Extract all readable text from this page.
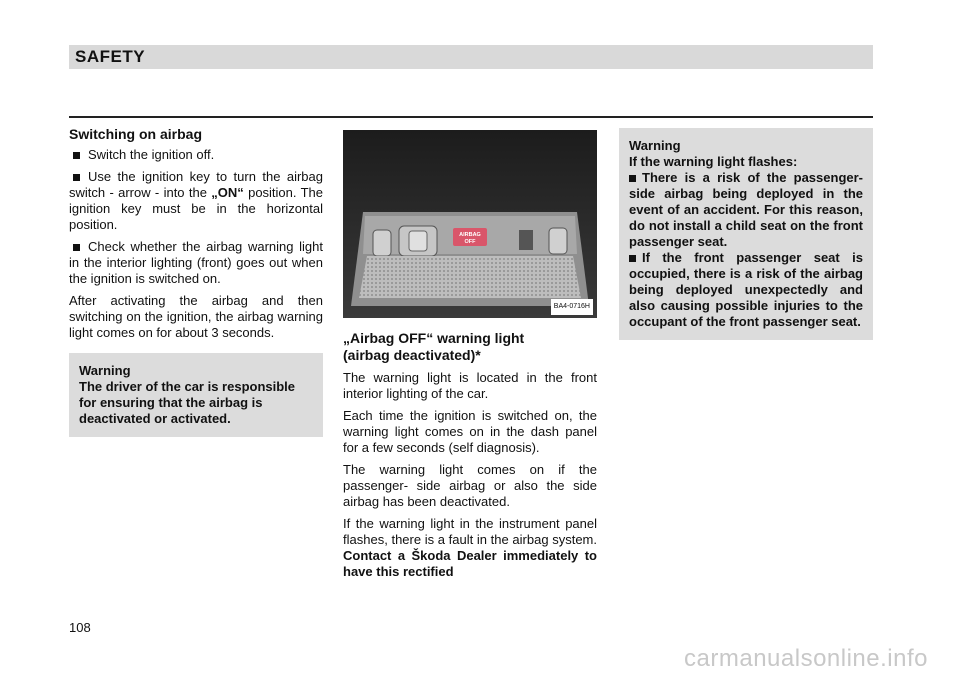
SAFETY
Switching on airbag

Switch the ignition off.

Use the ignition key to turn the airbag switch - arrow - into the „ON“ position. The ignition key must be in the horizontal position.

Check whether the airbag warning light in the interior lighting (front) goes out when the ignition is switched on.

After activating the airbag and then switching on the ignition, the airbag warning light comes on for about 3 seconds.

Warning

The driver of the car is responsible for ensuring that the airbag is deactivated or activated.

AIRBAG
OFF
BA4-0716H
„Airbag OFF“ warning light
(airbag deactivated)*

The warning light is located in the front interior lighting of the car.

Each time the ignition is switched on, the warning light comes on in the dash panel for a few seconds (self diagnosis).

The warning light comes on if the passenger- side airbag or also the side airbag has been deactivated.

If the warning light in the instrument panel flashes, there is a fault in the airbag system. Contact a Škoda Dealer immediately to have this rectified

Warning

If the warning light flashes:

There is a risk of the passenger-side airbag being deployed in the event of an accident. For this reason, do not install a child seat on the front passenger seat.

If the front passenger seat is occupied, there is a risk of the airbag being deployed unexpectedly and also causing possible injuries to the occupant of the front passenger seat.

108
carmanualsonline.info
